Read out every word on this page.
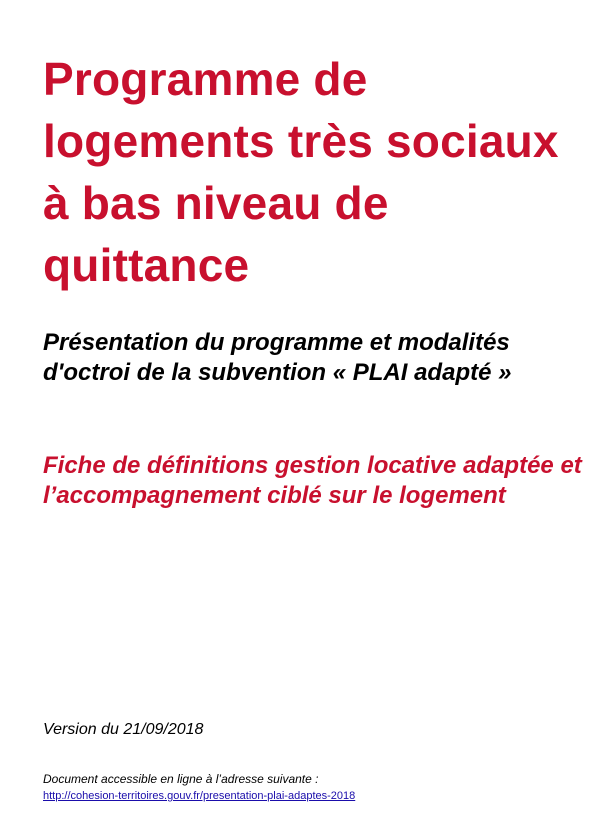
Programme de logements très sociaux à bas niveau de quittance
Présentation du programme et modalités d'octroi de la subvention « PLAI adapté »
Fiche de définitions gestion locative adaptée et l’accompagnement ciblé sur le logement

Version du 21/09/2018

Document accessible en ligne à l’adresse suivante :

http://cohesion-territoires.gouv.fr/presentation-plai-adaptes-2018
